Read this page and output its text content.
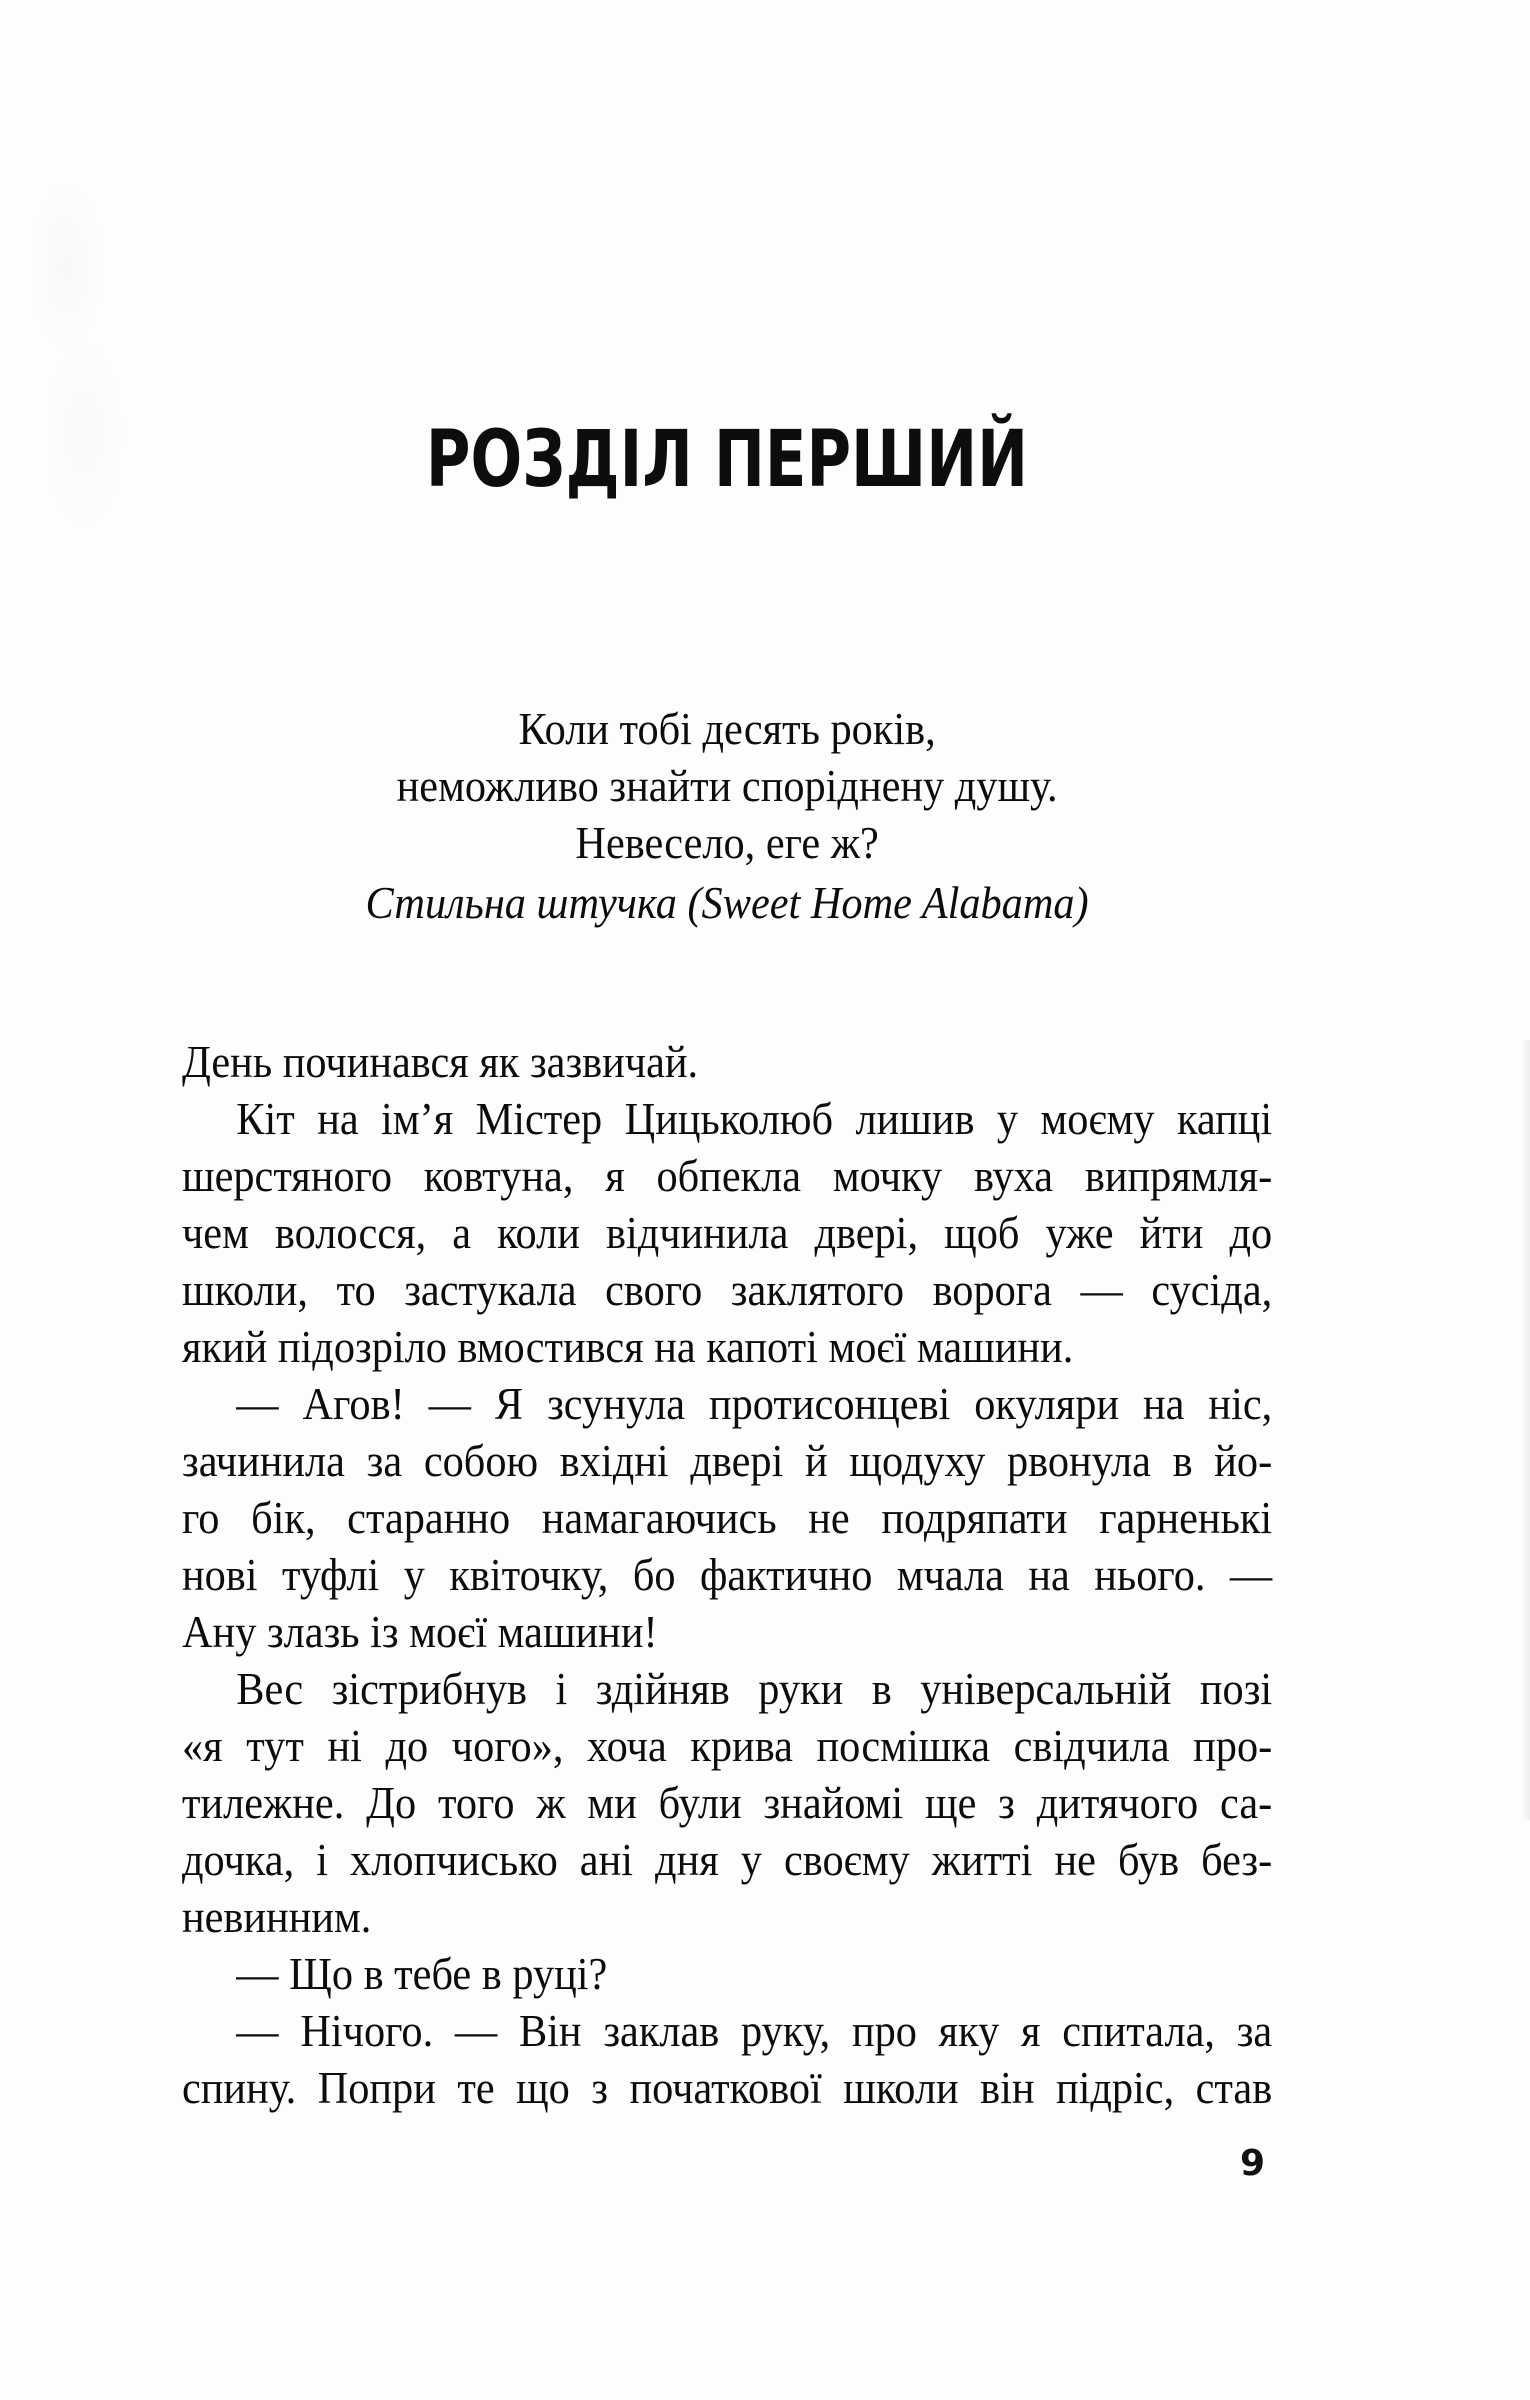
РОЗДІЛ ПЕРШИЙ
Коли тобі десять років,
неможливо знайти споріднену душу.
Невесело, еге ж?
Стильна штучка (Sweet Home Alabama)
День починався як зазвичай.
Кіт на ім’я Містер Цицьколюб лишив у моєму капці
шерстяного ковтуна, я обпекла мочку вуха випрямля-
чем волосся, а коли відчинила двері, щоб уже йти до
школи, то застукала свого заклятого ворога — сусіда,
який підозріло вмостився на капоті моєї машини.
— Агов! — Я зсунула протисонцеві окуляри на ніс,
зачинила за собою вхідні двері й щодуху рвонула в йо-
го бік, старанно намагаючись не подряпати гарненькі
нові туфлі у квіточку, бо фактично мчала на нього. —
Ану злазь із моєї машини!
Вес зістрибнув і здійняв руки в універсальній позі
«я тут ні до чого», хоча крива посмішка свідчила про-
тилежне. До того ж ми були знайомі ще з дитячого са-
дочка, і хлопчисько ані дня у своєму житті не був без-
невинним.
— Що в тебе в руці?
— Нічого. — Він заклав руку, про яку я спитала, за
спину. Попри те що з початкової школи він підріс, став
9
